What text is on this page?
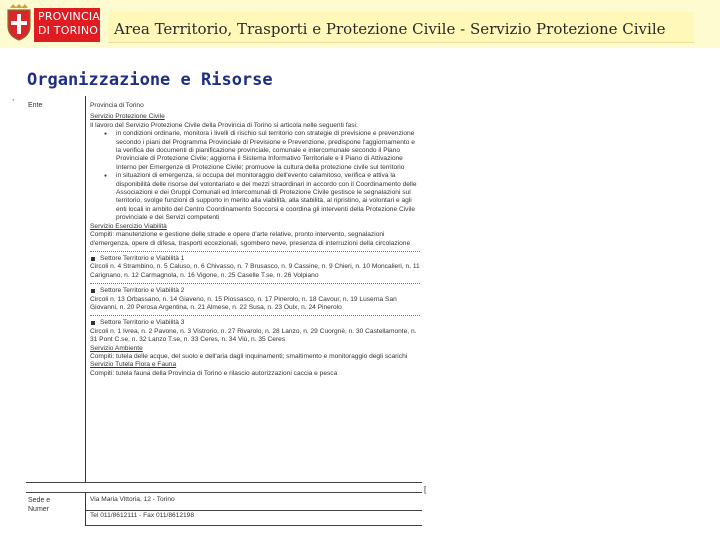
PROVINCIA
DI TORINO Area Territorio, Trasporti e Protezione Civile - Servizio Protezione Civile
Organizzazione e Risorse
,
Ente
Sede e
Numer

Provincia di Torino

Servizio Protezione Civile

Il lavoro del Servizio Protezione Civile della Provincia di Torino si articola nelle seguenti fasi:

● in condizioni ordinarie, monitora i livelli di rischio sul territorio con strategie di previsione e prevenzione secondo i piani del Programma Provinciale di Previsione e Prevenzione, predispone l'aggiornamento e la verifica dei documenti di pianificazione provinciale, comunale e intercomunale secondo il Piano Provinciale di Protezione Civile; aggiorna il Sistema Informativo Territoriale e il Piano di Attivazione Interno per Emergenze di Protezione Civile; promuove la cultura della protezione civile sul territorio

● in situazioni di emergenza, si occupa del monitoraggio dell'evento calamitoso, verifica e attiva la disponibilità delle risorse del volontariato e dei mezzi straordinari in accordo con il Coordinamento delle Associazioni e dei Gruppi Comunali ed Intercomunali di Protezione Civile gestisce le segnalazioni sul territorio, svolge funzioni di supporto in merito alla viabilità, alla stabilità, al ripristino, ai volontari e agli enti locali in ambito del Centro Coordinamento Soccorsi e coordina gli interventi della Protezione Civile provinciale e dei Servizi competenti

Servizio Esercizio Viabilità

Compiti: manutenzione e gestione delle strade e opere d'arte relative, pronto intervento, segnalazioni d'emergenza, opere di difesa, trasporti eccezionali, sgombero neve, presenza di interruzioni della circolazione

Settore Territorio e Viabilità 1

Circoli n. 4 Strambino, n. 5 Caluso, n. 6 Chivasso, n. 7 Brusasco, n. 9 Cassine, n. 9 Chieri, n. 10 Moncalieri, n. 11 Carignano, n. 12 Carmagnola, n. 16 Vigone, n. 25 Caselle T.se, n. 26 Volpiano

Settore Territorio e Viabilità 2

Circoli n. 13 Orbassano, n. 14 Giaveno, n. 15 Piossasco, n. 17 Pinerolo, n. 18 Cavour, n. 19 Luserna San Giovanni, n. 20 Perosa Argentina, n. 21 Almese, n. 22 Susa, n. 23 Oulx, n. 24 Pinerolo

Settore Territorio e Viabilità 3

Circoli n. 1 Ivrea, n. 2 Pavone, n. 3 Vistrorio, n. 27 Rivarolo, n. 28 Lanzo, n. 29 Cuorgnè, n. 30 Castellamonte, n. 31 Pont C.se, n. 32 Lanzo T.se, n. 33 Ceres, n. 34 Viù, n. 35 Ceres

Servizio Ambiente

Compiti: tutela delle acque, del suolo e dell'aria dagli inquinamenti; smaltimento e monitoraggio degli scarichi

Servizio Tutela Flora e Fauna

Compiti: tutela fauna della Provincia di Torino e rilascio autorizzazioni caccia e pesca

[

Via Maria Vittoria, 12 - Torino

Tel 011/8612111 - Fax 011/8612198
